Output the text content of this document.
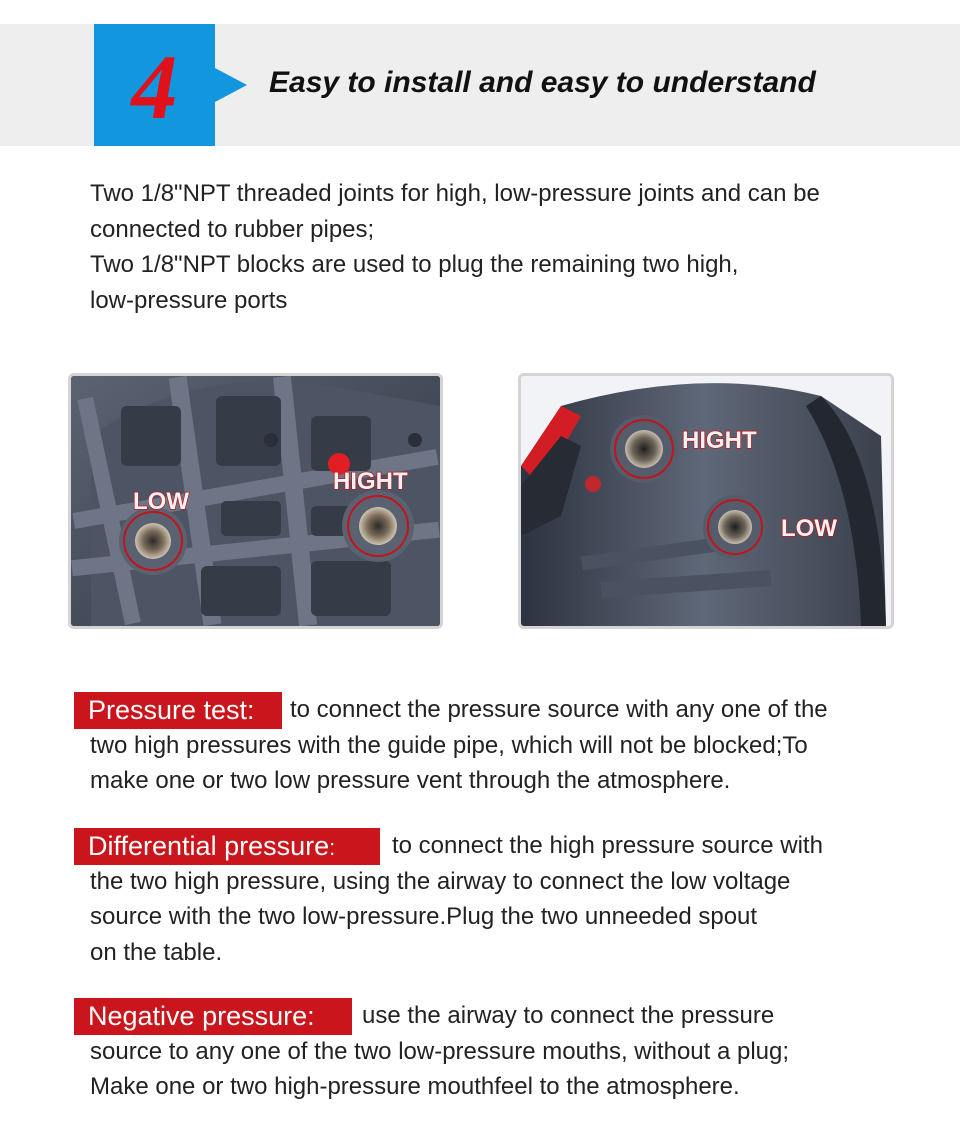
4	Easy to install and easy to understand

Two 1/8"NPT threaded joints for high, low-pressure joints and can be

connected to rubber pipes;

Two 1/8"NPT blocks are used to plug the remaining two high,

low-pressure ports

LOW
HIGHT
HIGHT
LOW
Pressure test:	to connect the pressure source with any one of the
two high pressures with the guide pipe, which will not be blocked;To
make one or two low pressure vent through the atmosphere.
Differential pressure:	to connect the high pressure source with
the two high pressure, using the airway to connect the low voltage
source with the two low-pressure.Plug the two unneeded spout
on the table.
Negative pressure:	use the airway to connect the pressure
source to any one of the two low-pressure mouths, without a plug;
Make one or two high-pressure mouthfeel to the atmosphere.
